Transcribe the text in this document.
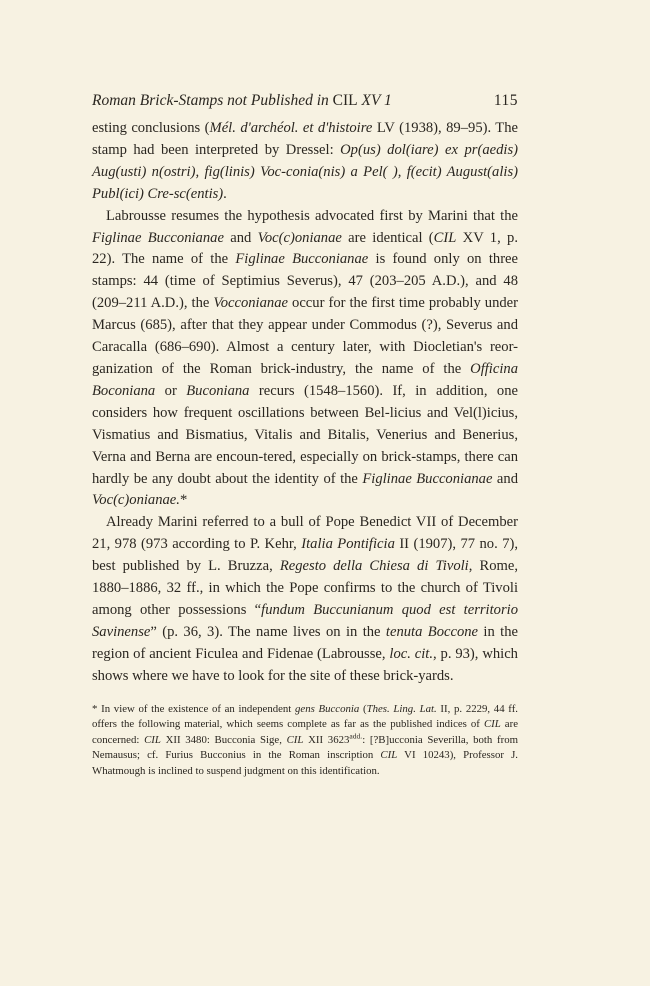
Roman Brick-Stamps not Published in CIL XV 1	115

esting conclusions (Mél. d'archéol. et d'histoire LV (1938), 89–95). The stamp had been interpreted by Dressel: Op(us) dol(iare) ex pr(aedis) Aug(usti) n(ostri), fig(linis) Voc-conia(nis) a Pel( ), f(ecit) August(alis) Publ(ici) Cre-sc(entis).

Labrousse resumes the hypothesis advocated first by Marini that the Figlinae Bucconianae and Voc(c)onianae are identical (CIL XV 1, p. 22). The name of the Figlinae Bucconianae is found only on three stamps: 44 (time of Septimius Severus), 47 (203–205 A.D.), and 48 (209–211 A.D.), the Vocconianae occur for the first time probably under Marcus (685), after that they appear under Commodus (?), Severus and Caracalla (686–690). Almost a century later, with Diocletian's reor-ganization of the Roman brick-industry, the name of the Officina Boconiana or Buconiana recurs (1548–1560). If, in addition, one considers how frequent oscillations between Bel-licius and Vel(l)icius, Vismatius and Bismatius, Vitalis and Bitalis, Venerius and Benerius, Verna and Berna are encoun-tered, especially on brick-stamps, there can hardly be any doubt about the identity of the Figlinae Bucconianae and Voc(c)onianae.*

Already Marini referred to a bull of Pope Benedict VII of December 21, 978 (973 according to P. Kehr, Italia Pontificia II (1907), 77 no. 7), best published by L. Bruzza, Regesto della Chiesa di Tivoli, Rome, 1880–1886, 32 ff., in which the Pope confirms to the church of Tivoli among other possessions “fundum Buccunianum quod est territorio Savinense” (p. 36, 3). The name lives on in the tenuta Boccone in the region of ancient Ficulea and Fidenae (Labrousse, loc. cit., p. 93), which shows where we have to look for the site of these brick-yards.

* In view of the existence of an independent gens Bucconia (Thes. Ling. Lat. II, p. 2229, 44 ff. offers the following material, which seems complete as far as the published indices of CIL are concerned: CIL XII 3480: Bucconia Sige, CIL XII $3623^{add.}$: [?B]ucconia Severilla, both from Nemausus; cf. Furius Bucconius in the Roman inscription CIL VI 10243), Professor J. Whatmough is inclined to suspend judgment on this identification.
